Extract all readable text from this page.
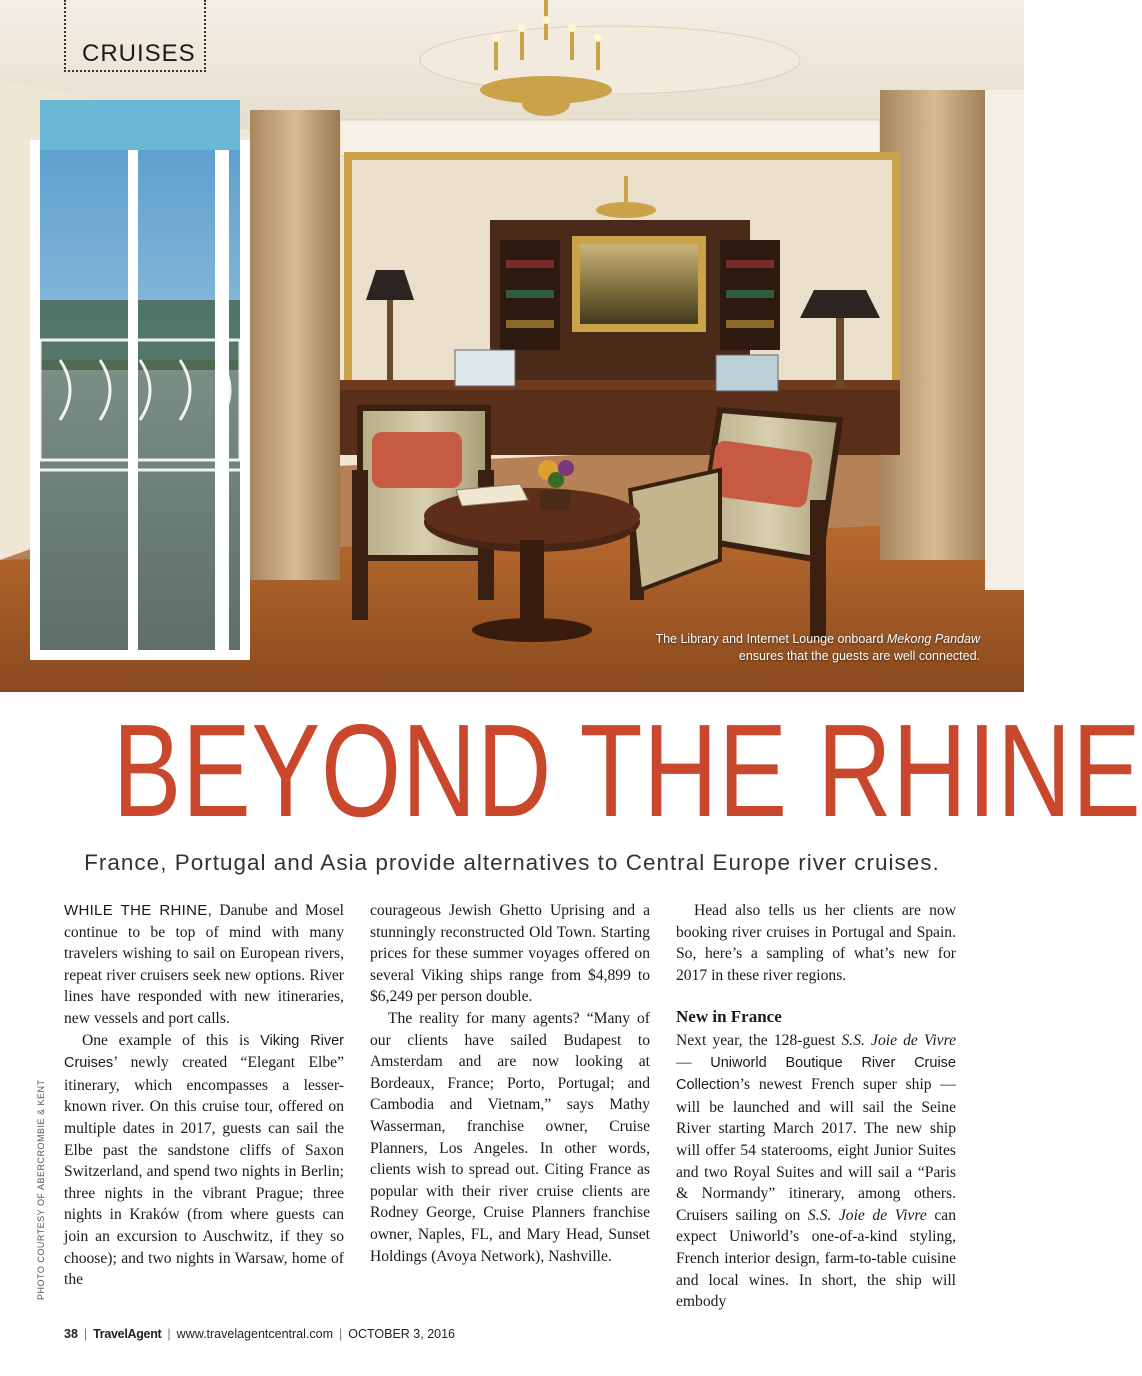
CRUISES
The Library and Internet Lounge onboard Mekong Pandaw
ensures that the guests are well connected.
BEYOND THE RHINE
France, Portugal and Asia provide alternatives to Central Europe river cruises.
PHOTO COURTESY OF ABERCROMBIE & KENT

WHILE THE RHINE, Danube and Mosel continue to be top of mind with many travelers wishing to sail on European rivers, repeat river cruisers seek new options. River lines have responded with new itineraries, new vessels and port calls.

One example of this is Viking River Cruises’ newly created “Elegant Elbe” itinerary, which encompasses a lesser-known river. On this cruise tour, offered on multiple dates in 2017, guests can sail the Elbe past the sandstone cliffs of Saxon Switzerland, and spend two nights in Berlin; three nights in the vibrant Prague; three nights in Kraków (from where guests can join an excursion to Auschwitz, if they so choose); and two nights in Warsaw, home of the

courageous Jewish Ghetto Uprising and a stunningly reconstructed Old Town. Starting prices for these summer voyages offered on several Viking ships range from $4,899 to $6,249 per person double.

The reality for many agents? “Many of our clients have sailed Budapest to Amsterdam and are now looking at Bordeaux, France; Porto, Portugal; and Cambodia and Vietnam,” says Mathy Wasserman, franchise owner, Cruise Planners, Los Angeles. In other words, clients wish to spread out. Citing France as popular with their river cruise clients are Rodney George, Cruise Planners franchise owner, Naples, FL, and Mary Head, Sunset Holdings (Avoya Network), Nashville.

Head also tells us her clients are now booking river cruises in Portugal and Spain. So, here’s a sampling of what’s new for 2017 in these river regions.

New in France

Next year, the 128-guest S.S. Joie de Vivre — Uniworld Boutique River Cruise Collection’s newest French super ship — will be launched and will sail the Seine River starting March 2017. The new ship will offer 54 staterooms, eight Junior Suites and two Royal Suites and will sail a “Paris & Normandy” itinerary, among others. Cruisers sailing on S.S. Joie de Vivre can expect Uniworld’s one-of-a-kind styling, French interior design, farm-to-table cuisine and local wines. In short, the ship will embody

38 | TravelAgent | www.travelagentcentral.com | OCTOBER 3, 2016
